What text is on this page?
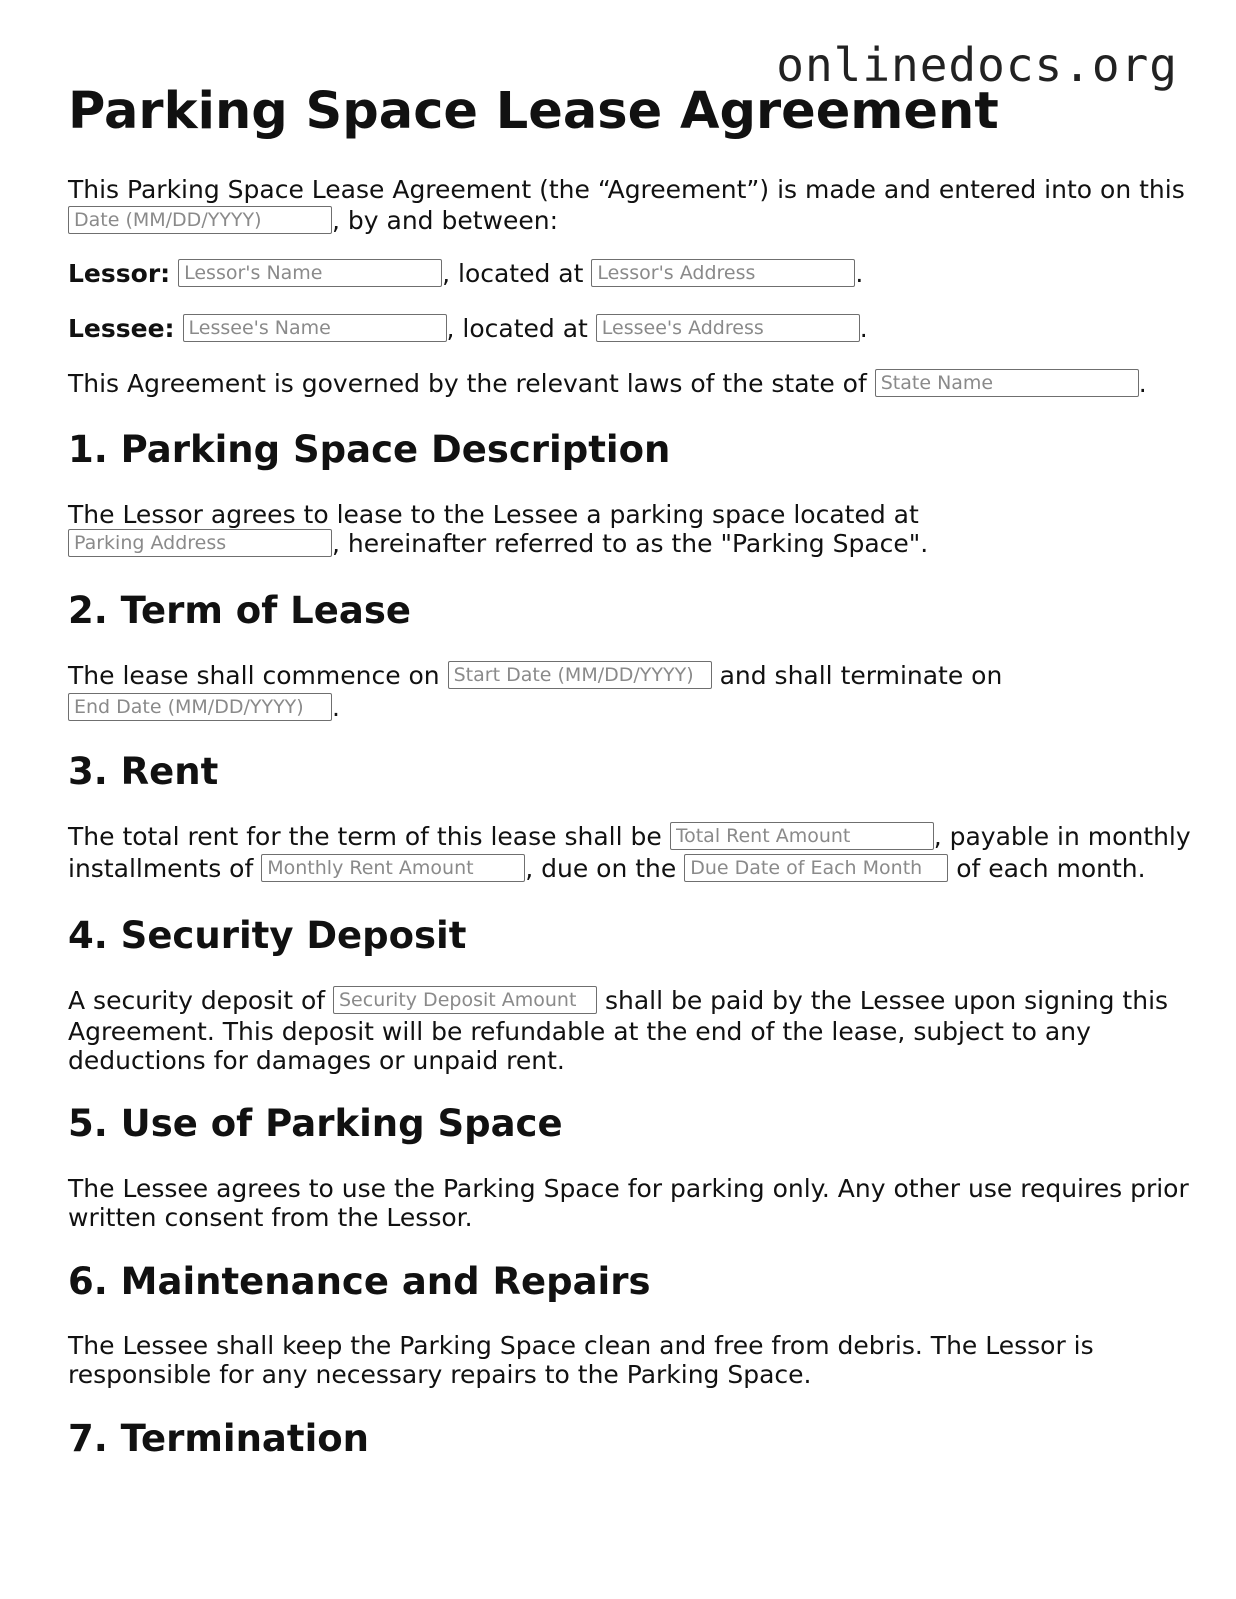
onlinedocs.org
Parking Space Lease Agreement
This Parking Space Lease Agreement (the “Agreement”) is made and entered into on this
Date (MM/DD/YYYY), by and between:
Lessor: Lessor's Name	, located at Lessor's Address	.
Lessee: Lessee's Name	, located at Lessee's Address	.
This Agreement is governed by the relevant laws of the state of State Name	.
1. Parking Space Description
The Lessor agrees to lease to the Lessee a parking space located at
Parking Address, hereinafter referred to as the "Parking Space".
2. Term of Lease
The lease shall commence on Start Date (MM/DD/YYYY)	and shall terminate on
End Date (MM/DD/YYYY).
3. Rent
The total rent for the term of this lease shall be Total Rent Amount	, payable in monthly
installments of Monthly Rent Amount	, due on the Due Date of Each Month	of each month.
4. Security Deposit
A security deposit of Security Deposit Amount	shall be paid by the Lessee upon signing this
Agreement. This deposit will be refundable at the end of the lease, subject to any
deductions for damages or unpaid rent.
5. Use of Parking Space
The Lessee agrees to use the Parking Space for parking only. Any other use requires prior
written consent from the Lessor.
6. Maintenance and Repairs
The Lessee shall keep the Parking Space clean and free from debris. The Lessor is
responsible for any necessary repairs to the Parking Space.
7. Termination
